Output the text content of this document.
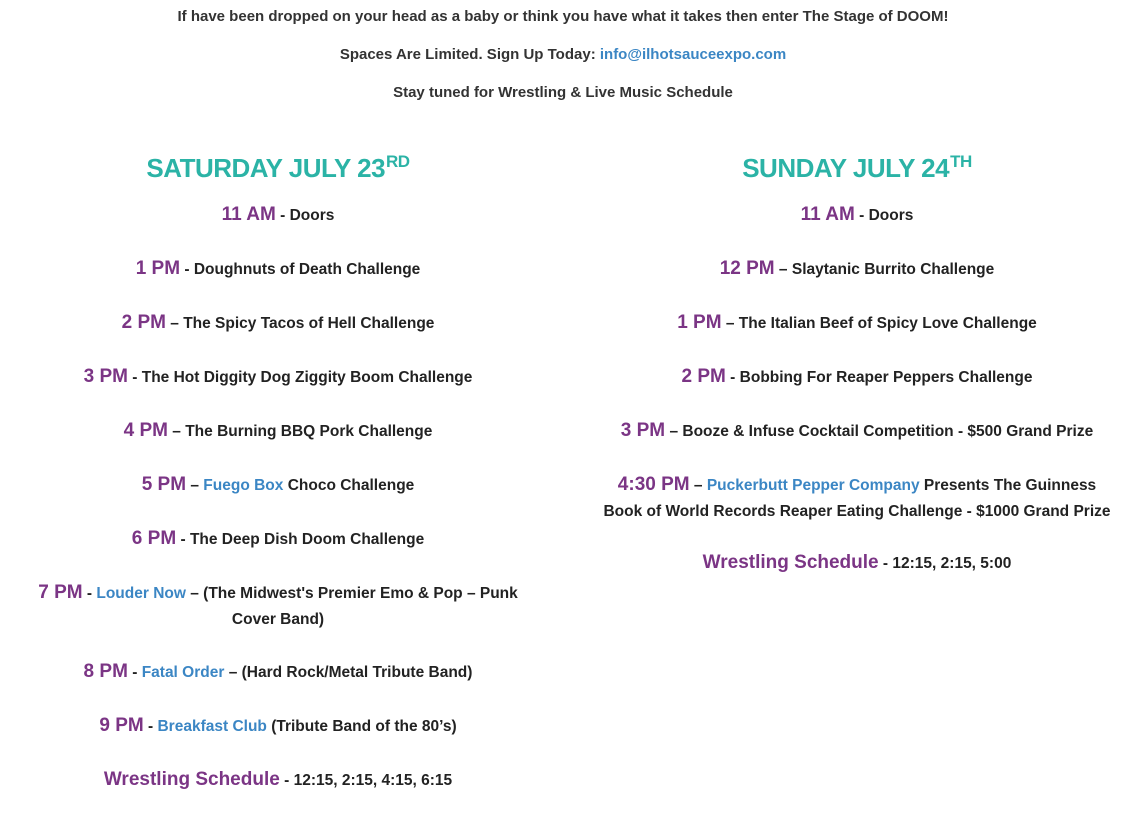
If have been dropped on your head as a baby or think you have what it takes then enter The Stage of DOOM!

Spaces Are Limited. Sign Up Today: info@ilhotsauceexpo.com

Stay tuned for Wrestling & Live Music Schedule

SATURDAY JULY 23RD

11 AM - Doors

1 PM - Doughnuts of Death Challenge

2 PM – The Spicy Tacos of Hell Challenge

3 PM - The Hot Diggity Dog Ziggity Boom Challenge

4 PM – The Burning BBQ Pork Challenge

5 PM – Fuego Box Choco Challenge

6 PM - The Deep Dish Doom Challenge

7 PM - Louder Now – (The Midwest's Premier Emo & Pop – Punk Cover Band)

8 PM - Fatal Order – (Hard Rock/Metal Tribute Band)

9 PM - Breakfast Club (Tribute Band of the 80’s)

Wrestling Schedule - 12:15, 2:15, 4:15, 6:15

SUNDAY JULY 24TH

11 AM - Doors

12 PM – Slaytanic Burrito Challenge

1 PM – The Italian Beef of Spicy Love Challenge

2 PM - Bobbing For Reaper Peppers Challenge

3 PM – Booze & Infuse Cocktail Competition - $500 Grand Prize

4:30 PM – Puckerbutt Pepper Company Presents The Guinness Book of World Records Reaper Eating Challenge - $1000 Grand Prize

Wrestling Schedule - 12:15, 2:15, 5:00
